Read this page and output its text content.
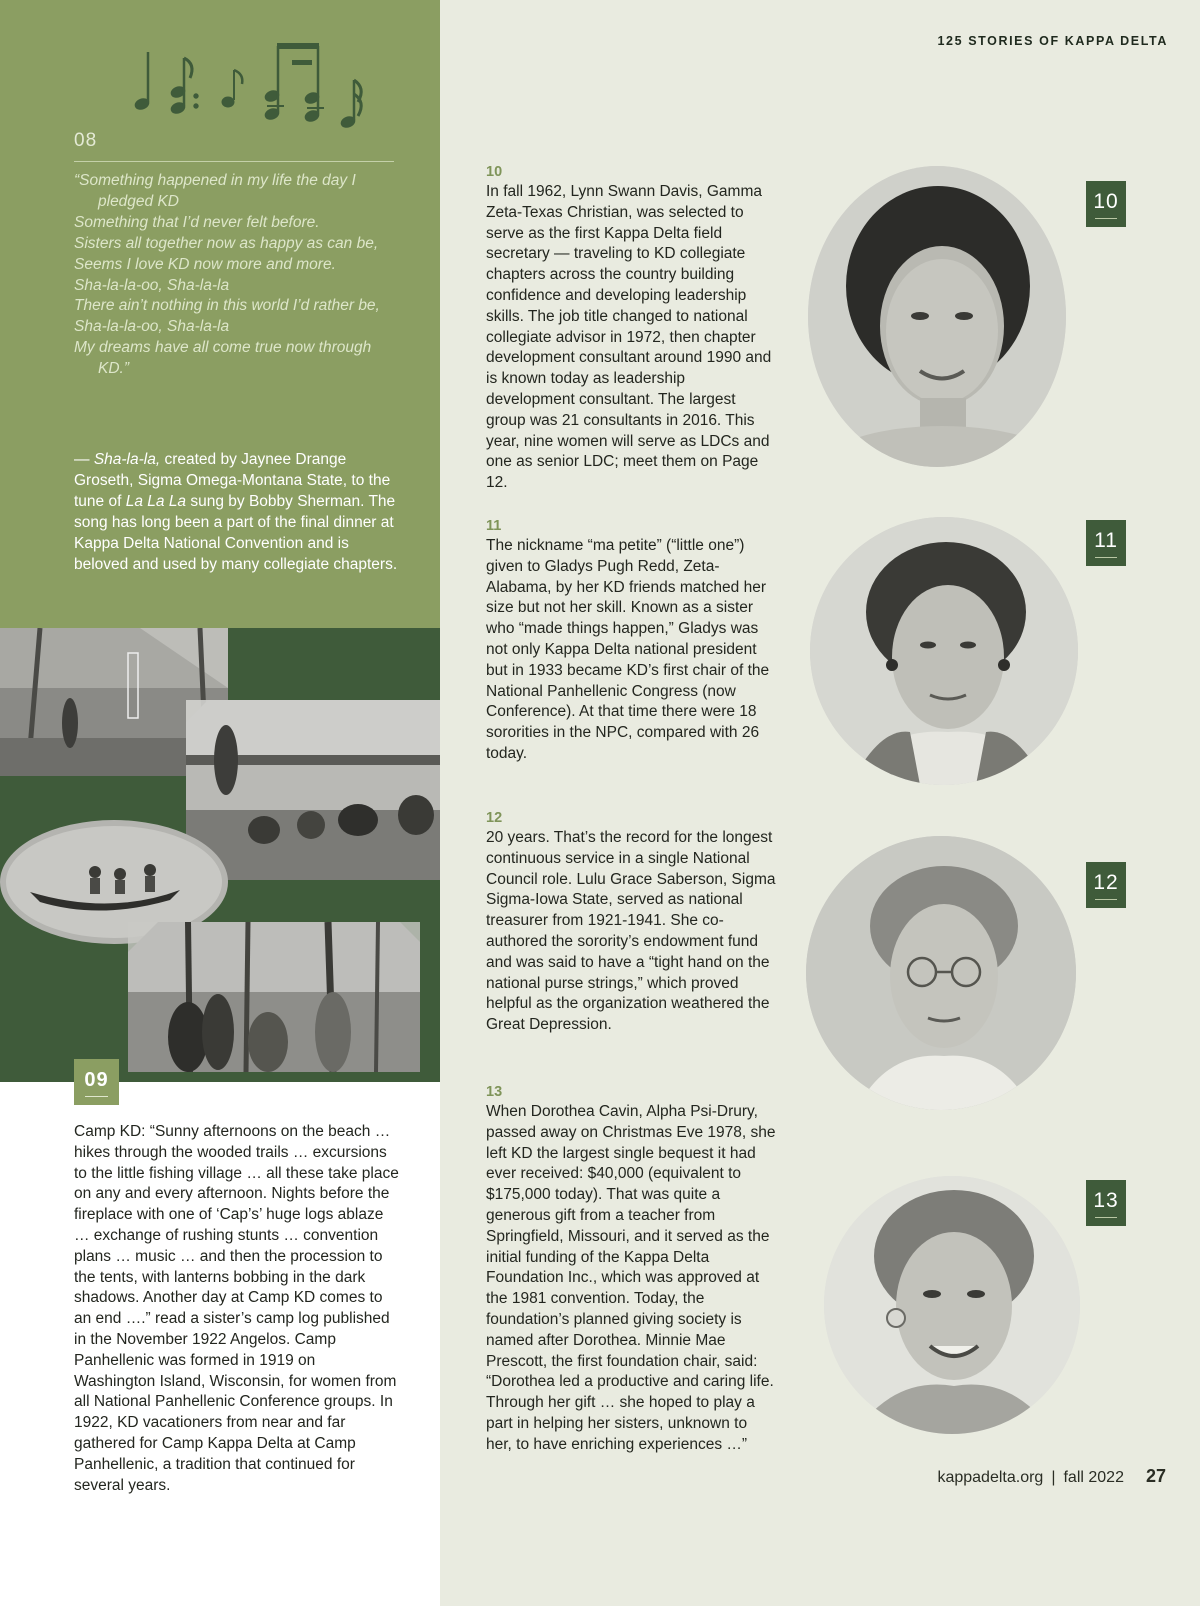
08
“Something happened in my life the day I pledged KD
Something that I’d never felt before.
Sisters all together now as happy as can be,
Seems I love KD now more and more.
Sha-la-la-oo, Sha-la-la
There ain’t nothing in this world I’d rather be,
Sha-la-la-oo, Sha-la-la
My dreams have all come true now through KD.”
— Sha-la-la, created by Jaynee Drange Groseth, Sigma Omega-Montana State, to the tune of La La La sung by Bobby Sherman. The song has long been a part of the final dinner at Kappa Delta National Convention and is beloved and used by many collegiate chapters.
09
Camp KD: “Sunny afternoons on the beach … hikes through the wooded trails … excursions to the little fishing village … all these take place on any and every afternoon. Nights before the fireplace with one of ‘Cap’s’ huge logs ablaze … exchange of rushing stunts … convention plans … music … and then the procession to the tents, with lanterns bobbing in the dark shadows. Another day at Camp KD comes to an end ….” read a sister’s camp log published in the November 1922 Angelos. Camp Panhellenic was formed in 1919 on Washington Island, Wisconsin, for women from all National Panhellenic Conference groups. In 1922, KD vacationers from near and far gathered for Camp Kappa Delta at Camp Panhellenic, a tradition that continued for several years.
125 STORIES OF KAPPA DELTA
10
In fall 1962, Lynn Swann Davis, Gamma Zeta-Texas Christian, was selected to serve as the first Kappa Delta field secretary — traveling to KD collegiate chapters across the country building confidence and developing leadership skills. The job title changed to national collegiate advisor in 1972, then chapter development consultant around 1990 and is known today as leadership development consultant. The largest group was 21 consultants in 2016. This year, nine women will serve as LDCs and one as senior LDC; meet them on Page 12.
10
11
The nickname “ma petite” (“little one”) given to Gladys Pugh Redd, Zeta-Alabama, by her KD friends matched her size but not her skill. Known as a sister who “made things happen,” Gladys was not only Kappa Delta national president but in 1933 became KD’s first chair of the National Panhellenic Congress (now Conference). At that time there were 18 sororities in the NPC, compared with 26 today.
11
12
20 years. That’s the record for the longest continuous service in a single National Council role. Lulu Grace Saberson, Sigma Sigma-Iowa State, served as national treasurer from 1921-1941. She co-authored the sorority’s endowment fund and was said to have a “tight hand on the national purse strings,” which proved helpful as the organization weathered the Great Depression.
12
13
When Dorothea Cavin, Alpha Psi-Drury, passed away on Christmas Eve 1978, she left KD the largest single bequest it had ever received: $40,000 (equivalent to $175,000 today). That was quite a generous gift from a teacher from Springfield, Missouri, and it served as the initial funding of the Kappa Delta Foundation Inc., which was approved at the 1981 convention. Today, the foundation’s planned giving society is named after Dorothea. Minnie Mae Prescott, the first foundation chair, said: “Dorothea led a productive and caring life. Through her gift … she hoped to play a part in helping her sisters, unknown to her, to have enriching experiences …”
13
kappadelta.org | fall 2022 27
